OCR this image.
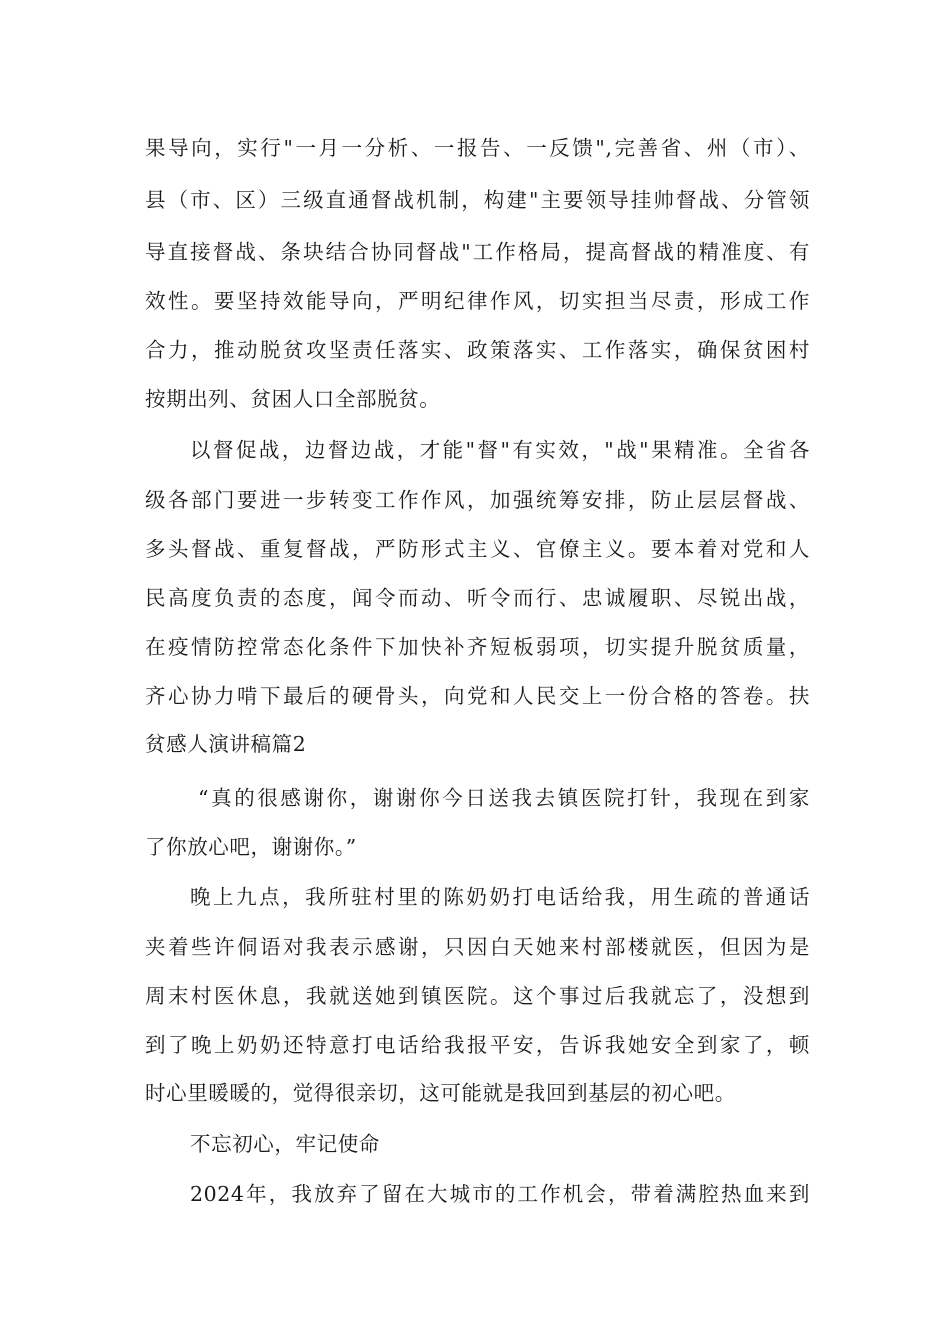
果导向，实行"一月一分析、一报告、一反馈",完善省、州（市）、
县（市、区）三级直通督战机制，构建"主要领导挂帅督战、分管领
导直接督战、条块结合协同督战"工作格局，提高督战的精准度、有
效性。要坚持效能导向，严明纪律作风，切实担当尽责，形成工作
合力，推动脱贫攻坚责任落实、政策落实、工作落实，确保贫困村
按期出列、贫困人口全部脱贫。
以督促战，边督边战，才能"督"有实效，"战"果精准。全省各
级各部门要进一步转变工作作风，加强统筹安排，防止层层督战、
多头督战、重复督战，严防形式主义、官僚主义。要本着对党和人
民高度负责的态度，闻令而动、听令而行、忠诚履职、尽锐出战，
在疫情防控常态化条件下加快补齐短板弱项，切实提升脱贫质量，
齐心协力啃下最后的硬骨头，向党和人民交上一份合格的答卷。扶
贫感人演讲稿篇2
“真的很感谢你，谢谢你今日送我去镇医院打针，我现在到家
了你放心吧，谢谢你。”
晚上九点，我所驻村里的陈奶奶打电话给我，用生疏的普通话
夹着些许侗语对我表示感谢，只因白天她来村部楼就医，但因为是
周末村医休息，我就送她到镇医院。这个事过后我就忘了，没想到
到了晚上奶奶还特意打电话给我报平安，告诉我她安全到家了，顿
时心里暖暖的，觉得很亲切，这可能就是我回到基层的初心吧。
不忘初心，牢记使命
2024年，我放弃了留在大城市的工作机会，带着满腔热血来到
